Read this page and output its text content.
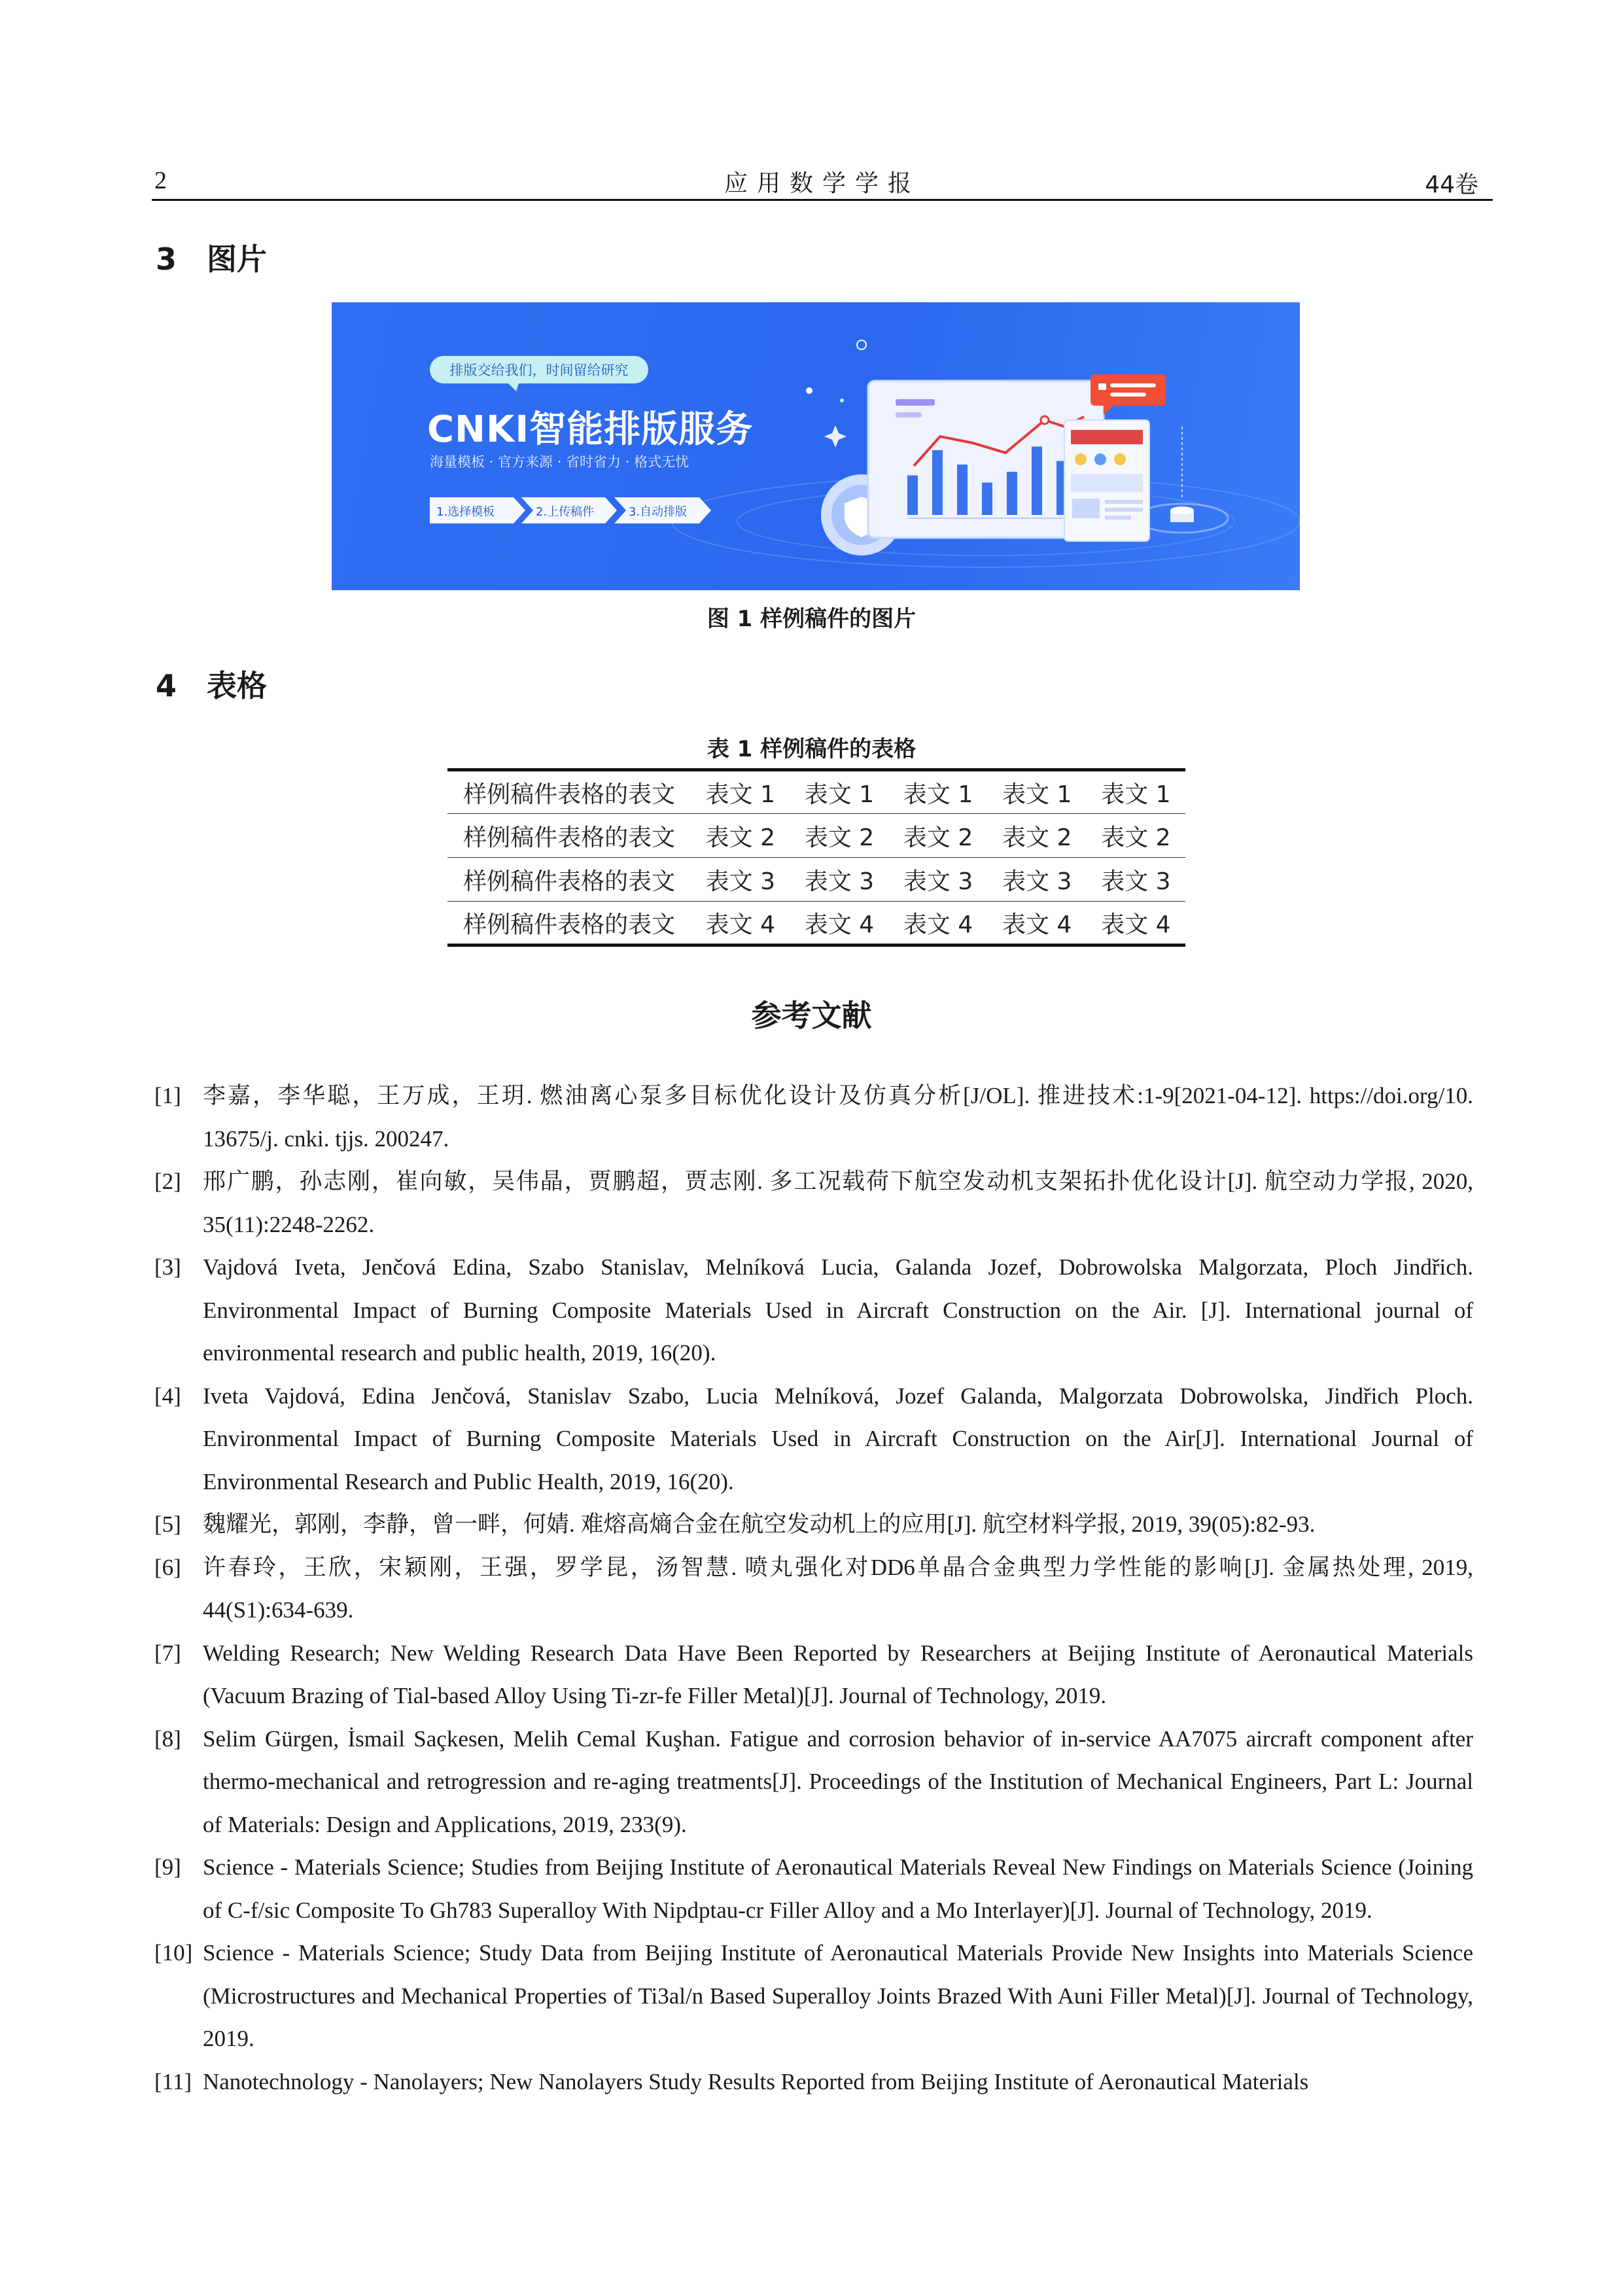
2	应用数学学报	44卷
3 图片
排版交给我们，时间留给研究
CNKI智能排版服务
海量模板 · 官方来源 · 省时省力 · 格式无忧
1.选择模板	2.上传稿件	3.自动排版
图 1 样例稿件的图片
4 表格
表 1 样例稿件的表格
样例稿件表格的表文	表文 1	表文 1	表文 1	表文 1	表文 1
样例稿件表格的表文	表文 2	表文 2	表文 2	表文 2	表文 2
样例稿件表格的表文	表文 3	表文 3	表文 3	表文 3	表文 3
样例稿件表格的表文	表文 4	表文 4	表文 4	表文 4	表文 4
参考文献
[1] 李嘉，李华聪，王万成，王玥. 燃油离心泵多目标优化设计及仿真分析[J/OL]. 推进技术:1-9[2021-04-12]. https://doi.org/10. 13675/j. cnki. tjjs. 200247.
[2] 邢广鹏，孙志刚，崔向敏，吴伟晶，贾鹏超，贾志刚. 多工况载荷下航空发动机支架拓扑优化设计[J]. 航空动力学报, 2020, 35(11):2248-2262.
[3] Vajdová Iveta, Jenčová Edina, Szabo Stanislav, Melníková Lucia, Galanda Jozef, Dobrowolska Malgorzata, Ploch Jindřich. Environmental Impact of Burning Composite Materials Used in Aircraft Construction on the Air. [J]. International journal of environmental research and public health, 2019, 16(20).
[4] Iveta Vajdová, Edina Jenčová, Stanislav Szabo, Lucia Melníková, Jozef Galanda, Malgorzata Dobrowolska, Jindřich Ploch. Environmental Impact of Burning Composite Materials Used in Aircraft Construction on the Air[J]. International Journal of Environmental Research and Public Health, 2019, 16(20).
[5] 魏耀光，郭刚，李静，曾一畔，何婧. 难熔高熵合金在航空发动机上的应用[J]. 航空材料学报, 2019, 39(05):82-93.
[6] 许春玲，王欣，宋颖刚，王强，罗学昆，汤智慧. 喷丸强化对DD6单晶合金典型力学性能的影响[J]. 金属热处理, 2019, 44(S1):634-639.
[7] Welding Research; New Welding Research Data Have Been Reported by Researchers at Beijing Institute of Aeronautical Materials (Vacuum Brazing of Tial-based Alloy Using Ti-zr-fe Filler Metal)[J]. Journal of Technology, 2019.
[8] Selim Gürgen, İsmail Saçkesen, Melih Cemal Kuşhan. Fatigue and corrosion behavior of in-service AA7075 aircraft component after thermo-mechanical and retrogression and re-aging treatments[J]. Proceedings of the Institution of Mechanical Engineers, Part L: Journal of Materials: Design and Applications, 2019, 233(9).
[9] Science - Materials Science; Studies from Beijing Institute of Aeronautical Materials Reveal New Findings on Materials Science (Joining of C-f/sic Composite To Gh783 Superalloy With Nipdptau-cr Filler Alloy and a Mo Interlayer)[J]. Journal of Technology, 2019.
[10] Science - Materials Science; Study Data from Beijing Institute of Aeronautical Materials Provide New Insights into Materials Science (Microstructures and Mechanical Properties of Ti3al/n Based Superalloy Joints Brazed With Auni Filler Metal)[J]. Journal of Technology, 2019.
[11] Nanotechnology - Nanolayers; New Nanolayers Study Results Reported from Beijing Institute of Aeronautical Materials
